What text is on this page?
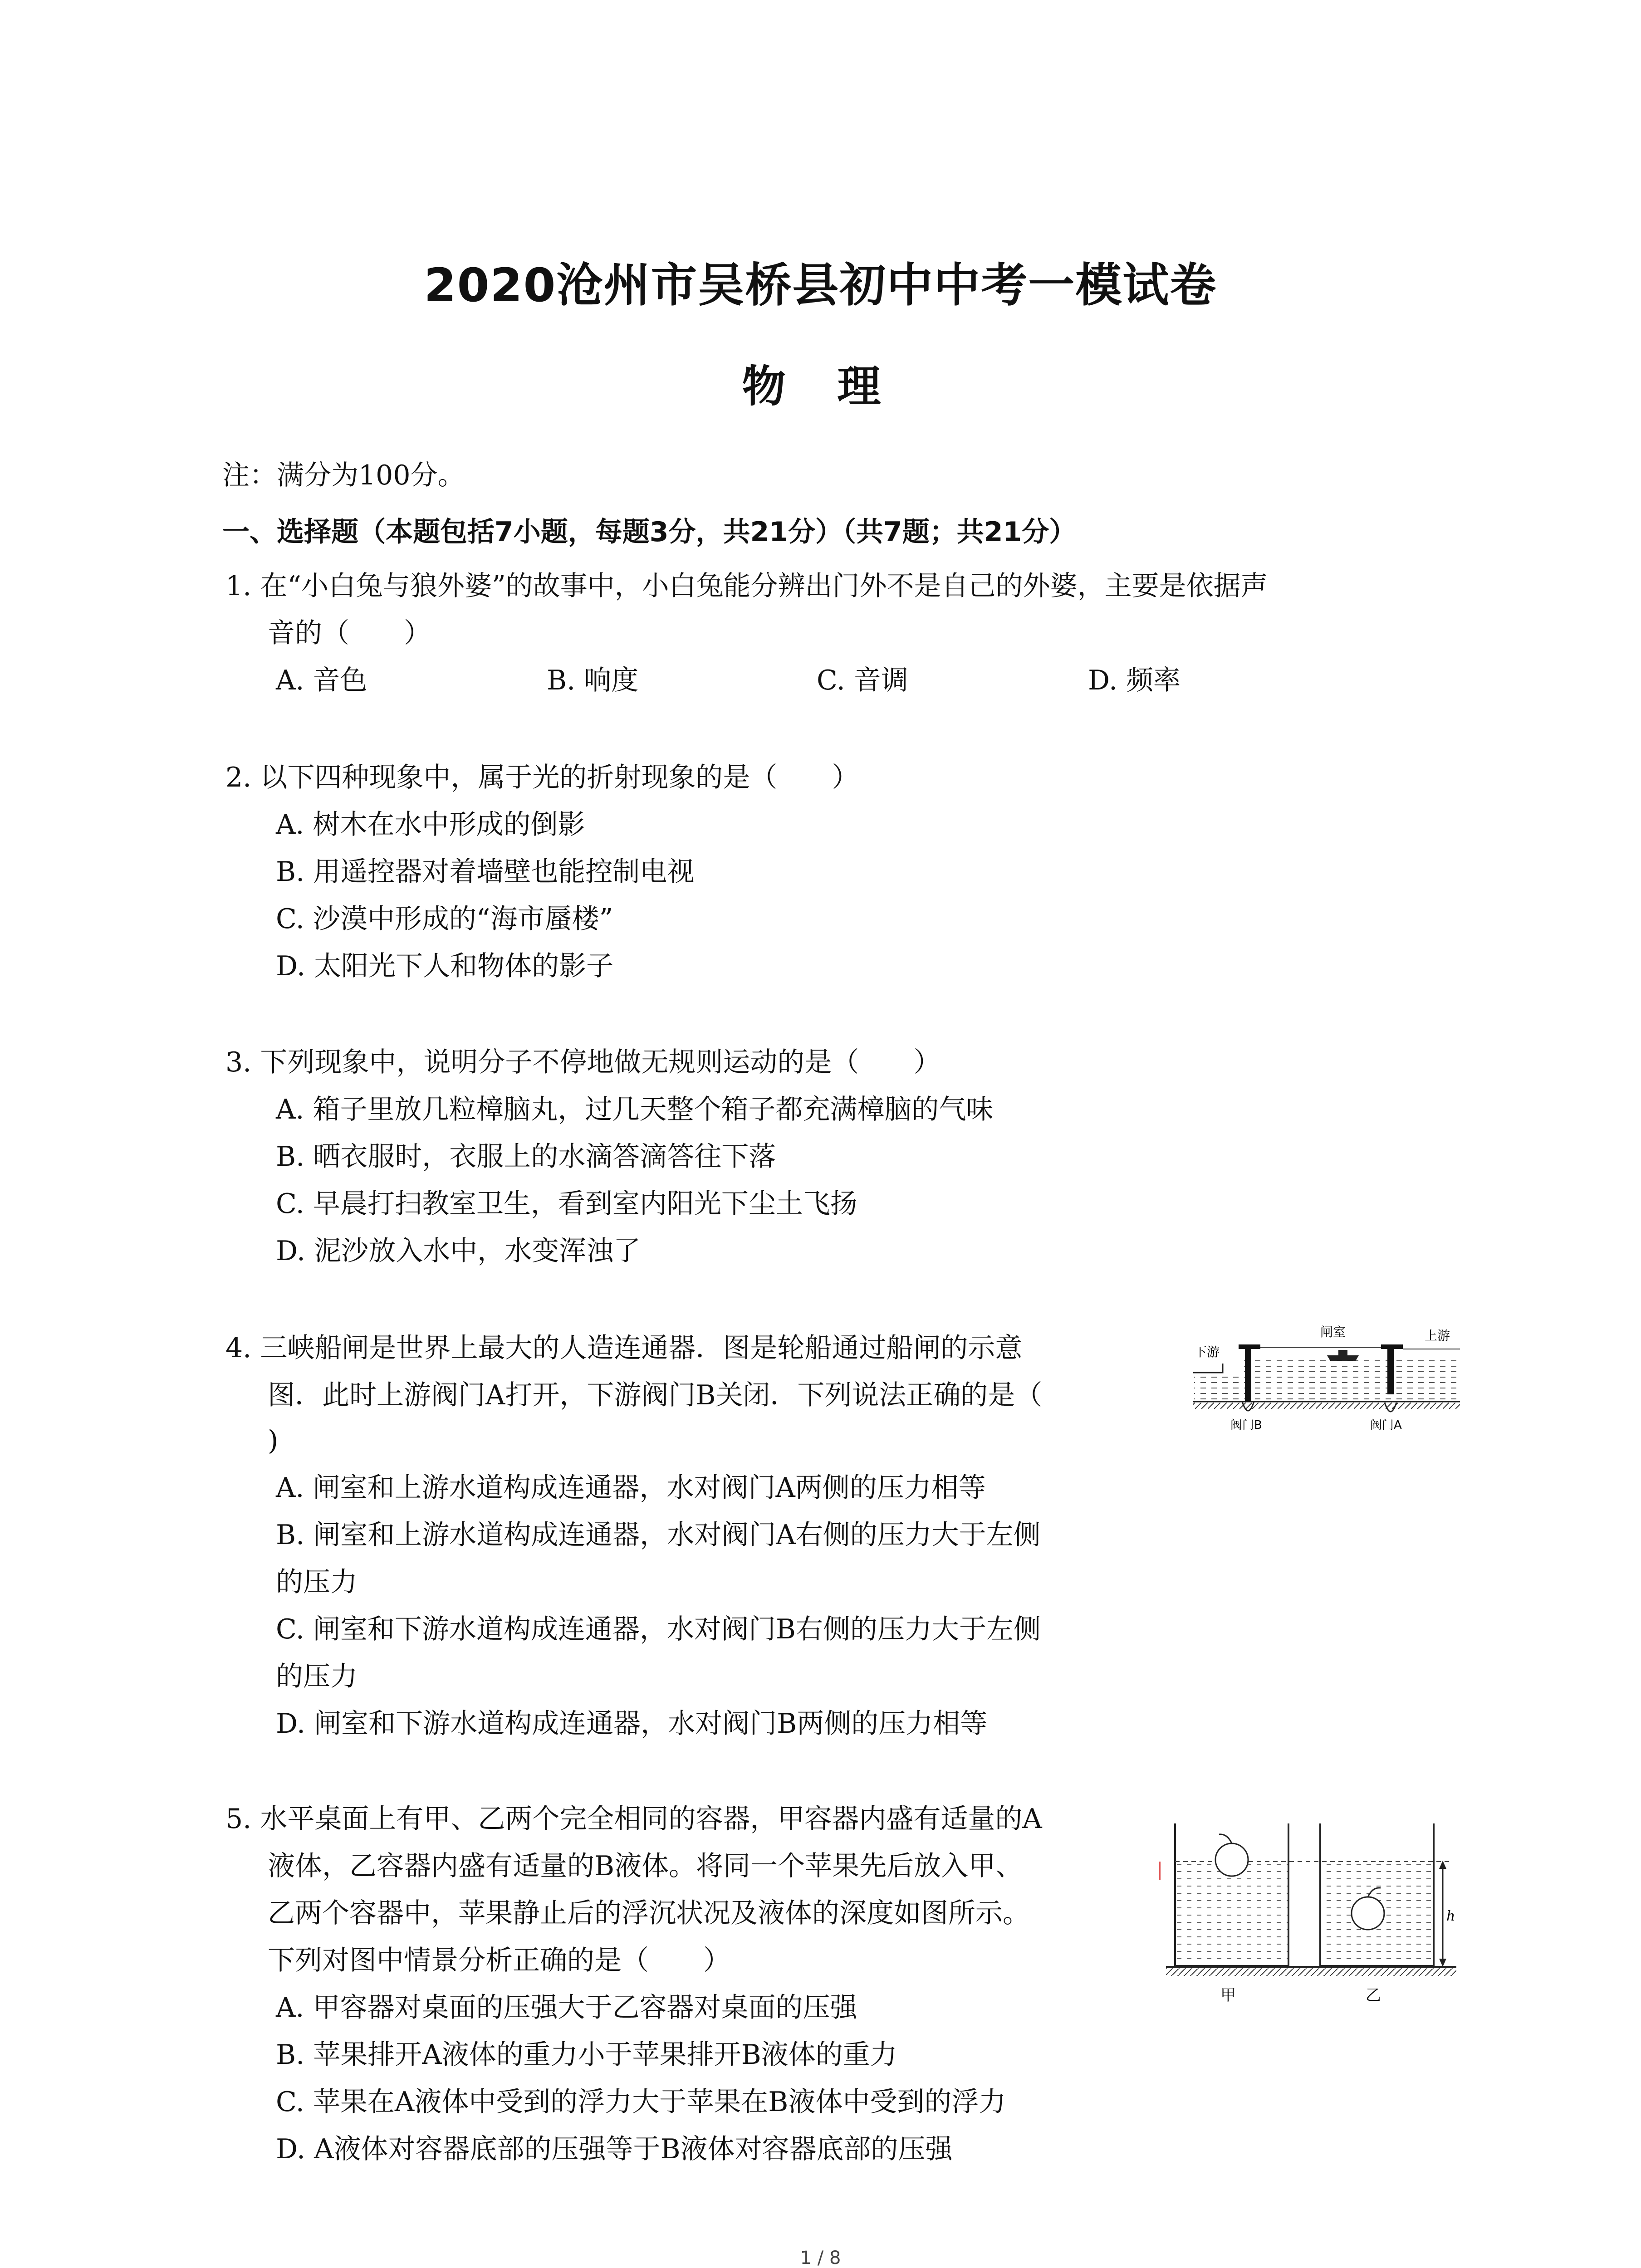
2020沧州市吴桥县初中中考一模试卷
物 理
注：满分为100分。
一、选择题（本题包括7小题，每题3分，共21分）（共7题；共21分）
1. 在“小白兔与狼外婆”的故事中，小白兔能分辨出门外不是自己的外婆，主要是依据声
音的（　　）
A. 音色	B. 响度	C. 音调	D. 频率
2. 以下四种现象中，属于光的折射现象的是（　　）
A. 树木在水中形成的倒影
B. 用遥控器对着墙壁也能控制电视
C. 沙漠中形成的“海市蜃楼”
D. 太阳光下人和物体的影子
3. 下列现象中，说明分子不停地做无规则运动的是（　　）
A. 箱子里放几粒樟脑丸，过几天整个箱子都充满樟脑的气味
B. 晒衣服时，衣服上的水滴答滴答往下落
C. 早晨打扫教室卫生，看到室内阳光下尘土飞扬
D. 泥沙放入水中，水变浑浊了
4. 三峡船闸是世界上最大的人造连通器．图是轮船通过船闸的示意
图．此时上游阀门A打开，下游阀门B关闭．下列说法正确的是（
)
A. 闸室和上游水道构成连通器，水对阀门A两侧的压力相等
B. 闸室和上游水道构成连通器，水对阀门A右侧的压力大于左侧
的压力
C. 闸室和下游水道构成连通器，水对阀门B右侧的压力大于左侧
的压力
D. 闸室和下游水道构成连通器，水对阀门B两侧的压力相等
闸室	上游
下游
阀门B	阀门A
5. 水平桌面上有甲、乙两个完全相同的容器，甲容器内盛有适量的A
液体，乙容器内盛有适量的B液体。将同一个苹果先后放入甲、
乙两个容器中，苹果静止后的浮沉状况及液体的深度如图所示。
下列对图中情景分析正确的是（　　）
A. 甲容器对桌面的压强大于乙容器对桌面的压强
B. 苹果排开A液体的重力小于苹果排开B液体的重力
C. 苹果在A液体中受到的浮力大于苹果在B液体中受到的浮力
D. A液体对容器底部的压强等于B液体对容器底部的压强
h
甲	乙
1 / 8
